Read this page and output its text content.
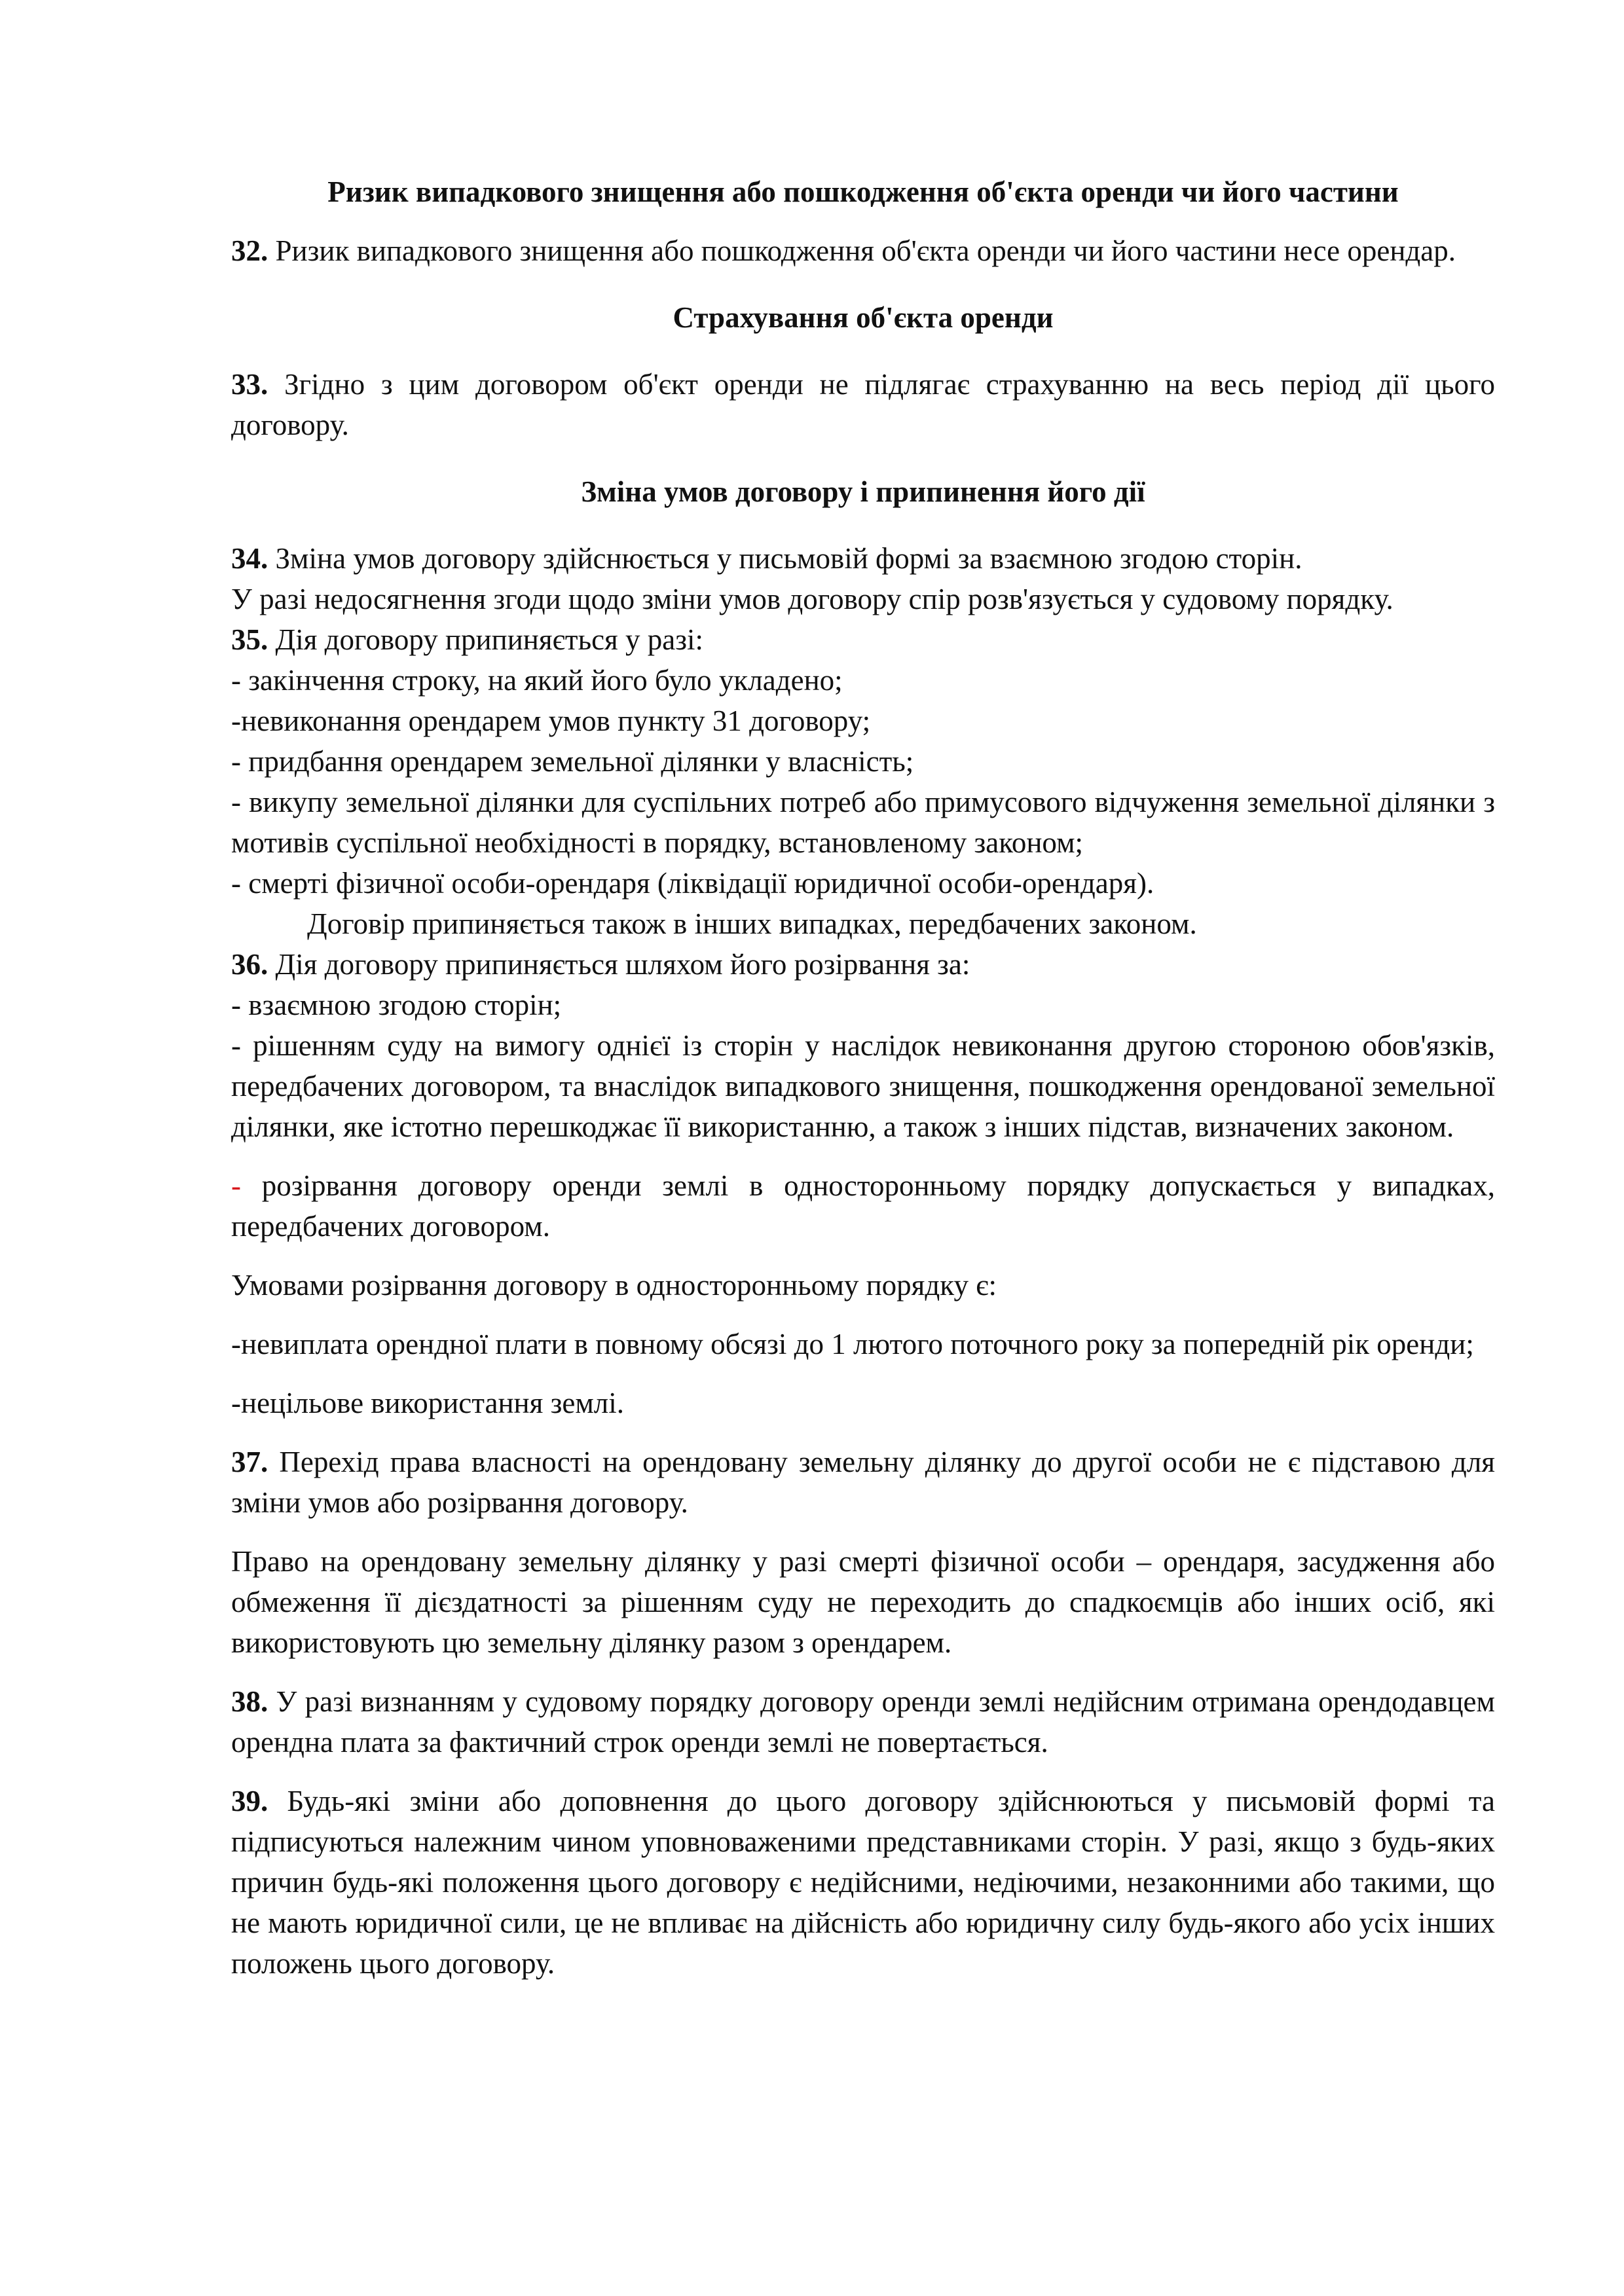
Ризик випадкового знищення або пошкодження об'єкта оренди чи його частини

32. Ризик випадкового знищення або пошкодження об'єкта оренди чи його частини несе орендар.

Страхування об'єкта оренди

33. Згідно з цим договором об'єкт оренди не підлягає страхуванню на весь період дії цього договору.

Зміна умов договору і припинення його дії

34. Зміна умов договору здійснюється у письмовій формі за взаємною згодою сторін.

У разі недосягнення згоди щодо зміни умов договору спір розв'язується у судовому порядку.

35. Дія договору припиняється у разі:

- закінчення строку, на який його було укладено;

-невиконання орендарем умов пункту 31 договору;

- придбання орендарем земельної ділянки у власність;

- викупу земельної ділянки для суспільних потреб або примусового відчуження земельної ділянки з мотивів суспільної необхідності в порядку, встановленому законом;

- смерті фізичної особи-орендаря (ліквідації юридичної особи-орендаря).

Договір припиняється також в інших випадках, передбачених законом.

36. Дія договору припиняється шляхом його розірвання за:

- взаємною згодою сторін;

- рішенням суду на вимогу однієї із сторін у наслідок невиконання другою стороною обов'язків, передбачених договором, та внаслідок випадкового знищення, пошкодження орендованої земельної ділянки, яке істотно перешкоджає її використанню, а також з інших підстав, визначених законом.

- розірвання договору оренди землі в односторонньому порядку допускається у випадках, передбачених договором.

Умовами розірвання договору в односторонньому порядку є:

-невиплата орендної плати в повному обсязі до 1 лютого поточного року за попередній рік оренди;

-нецільове використання землі.

37. Перехід права власності на орендовану земельну ділянку до другої особи не є підставою для зміни умов або розірвання договору.

Право на орендовану земельну ділянку у разі смерті фізичної особи – орендаря, засудження або обмеження її дієздатності за рішенням суду не переходить до спадкоємців або інших осіб, які використовують цю земельну ділянку разом з орендарем.

38. У разі визнанням у судовому порядку договору оренди землі недійсним отримана орендодавцем орендна плата за фактичний строк оренди землі не повертається.

39. Будь-які зміни або доповнення до цього договору здійснюються у письмовій формі та підписуються належним чином уповноваженими представниками сторін. У разі, якщо з будь-яких причин будь-які положення цього договору є недійсними, недіючими, незаконними або такими, що не мають юридичної сили, це не впливає на дійсність або юридичну силу будь-якого або усіх інших положень цього договору.
